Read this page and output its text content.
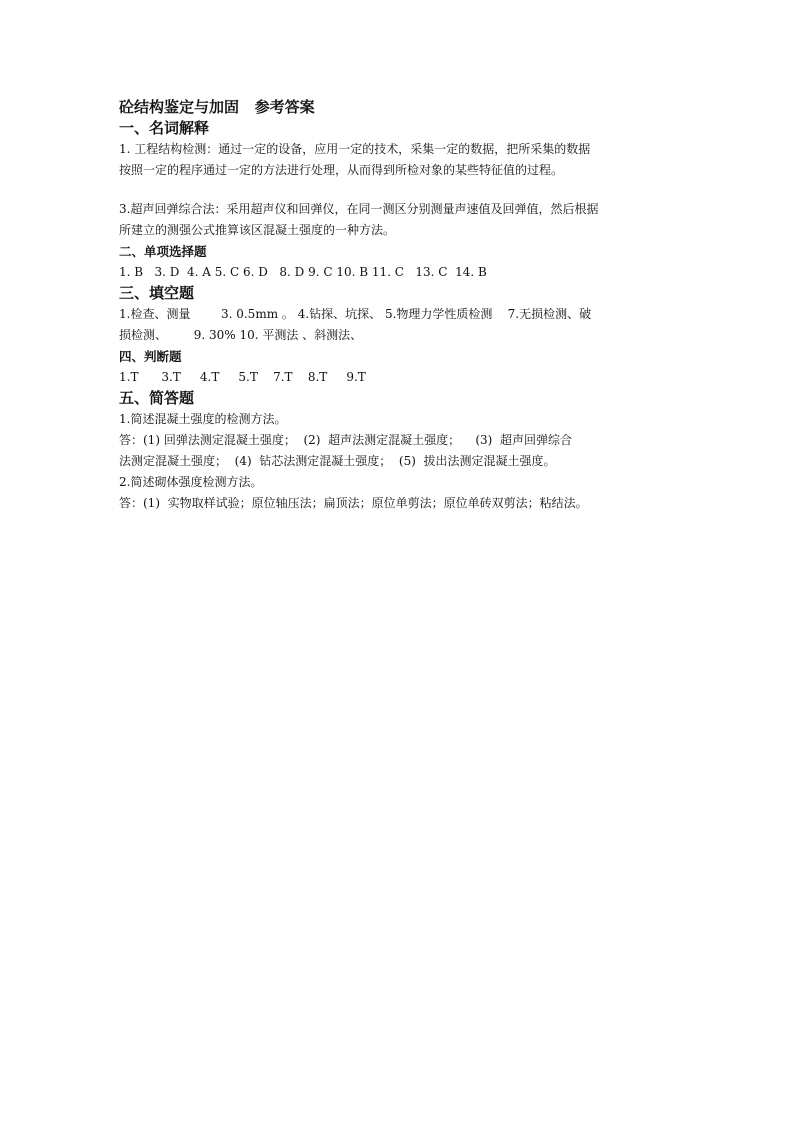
砼结构鉴定与加固   参考答案
一、名词解释
1. 工程结构检测：通过一定的设备，应用一定的技术，采集一定的数据，把所采集的数据
按照一定的程序通过一定的方法进行处理，从而得到所检对象的某些特征值的过程。
3.超声回弹综合法：采用超声仪和回弹仪，在同一测区分别测量声速值及回弹值，然后根据
所建立的测强公式推算该区混凝土强度的一种方法。
二、单项选择题
1. B   3. D  4. A 5. C 6. D   8. D 9. C 10. B 11. C   13. C  14. B
三、填空题
1.检查、测量        3. 0.5mm 。 4.钻探、坑探、 5.物理力学性质检测    7.无损检测、破
损检测、       9. 30% 10. 平测法 、斜测法、
四、判断题
1.T      3.T     4.T     5.T    7.T    8.T     9.T
五、简答题
1.简述混凝土强度的检测方法。
答：(1) 回弹法测定混凝土强度；  (2)  超声法测定混凝土强度；    (3)  超声回弹综合
法测定混凝土强度；  (4)  钻芯法测定混凝土强度；  (5)  拔出法测定混凝土强度。
2.简述砌体强度检测方法。
答：(1)  实物取样试验；原位轴压法；扁顶法；原位单剪法；原位单砖双剪法；粘结法。
